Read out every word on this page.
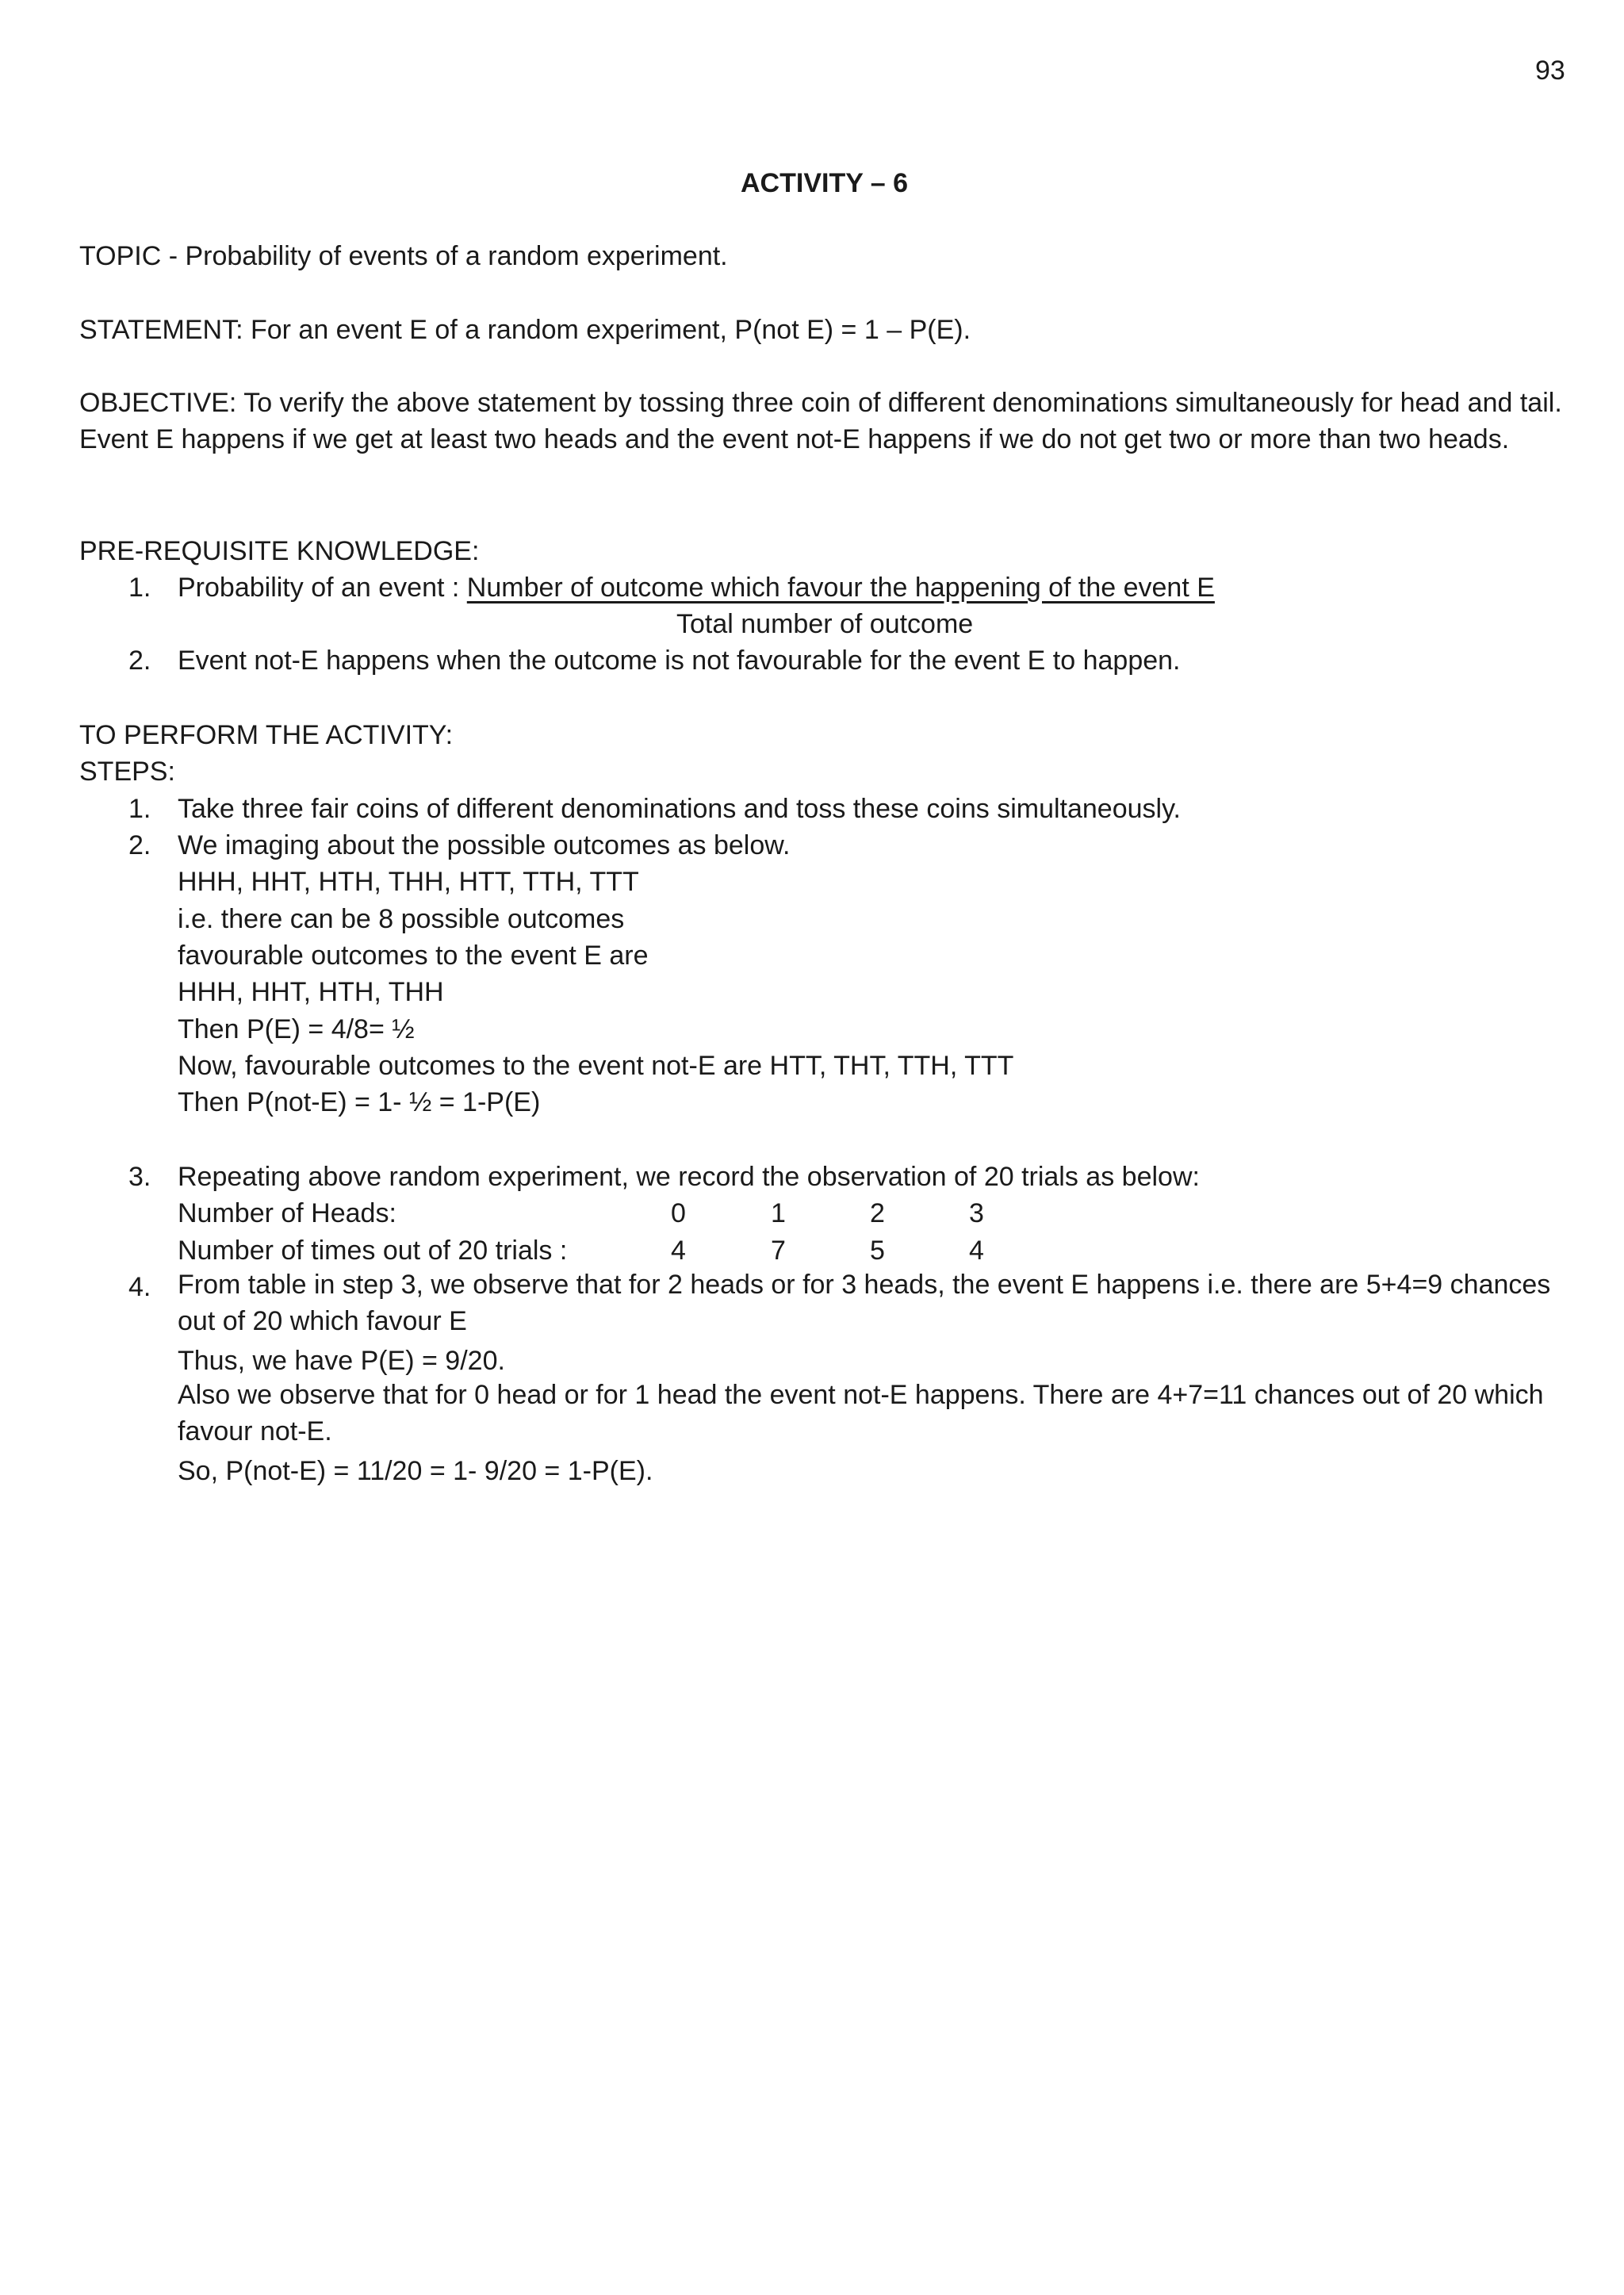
93
ACTIVITY – 6
TOPIC - Probability of events of a random experiment.
STATEMENT: For an event E of a random experiment, P(not E) = 1 – P(E).
OBJECTIVE: To verify the above statement by tossing three coin of different denominations simultaneously for head and tail. Event E happens if we get at least two heads and the event not-E happens if we do not get two or more than two heads.
PRE-REQUISITE KNOWLEDGE:
1. Probability of an event : Number of outcome which favour the happening of the event E
Total number of outcome
2. Event not-E happens when the outcome is not favourable for the event E to happen.
TO PERFORM THE ACTIVITY:
STEPS:
1. Take three fair coins of different denominations and toss these coins simultaneously.
2. We imaging about the possible outcomes as below.
HHH, HHT, HTH, THH, HTT, TTH, TTT
i.e. there can be 8 possible outcomes
favourable outcomes to the event E are
HHH, HHT, HTH, THH
Then P(E) = 4/8= ½
Now, favourable outcomes to the event not-E are HTT, THT, TTH, TTT
Then P(not-E) = 1- ½ = 1-P(E)
3. Repeating above random experiment, we record the observation of 20 trials as below:
Number of Heads:	0	1	2	3
Number of times out of 20 trials :	4	7	5	4
4. From table in step 3, we observe that for 2 heads or for 3 heads, the event E happens i.e. there are 5+4=9 chances out of 20 which favour E
Thus, we have P(E) = 9/20.
Also we observe that for 0 head or for 1 head the event not-E happens. There are 4+7=11 chances out of 20 which favour not-E.
So, P(not-E) = 11/20 = 1- 9/20 = 1-P(E).
